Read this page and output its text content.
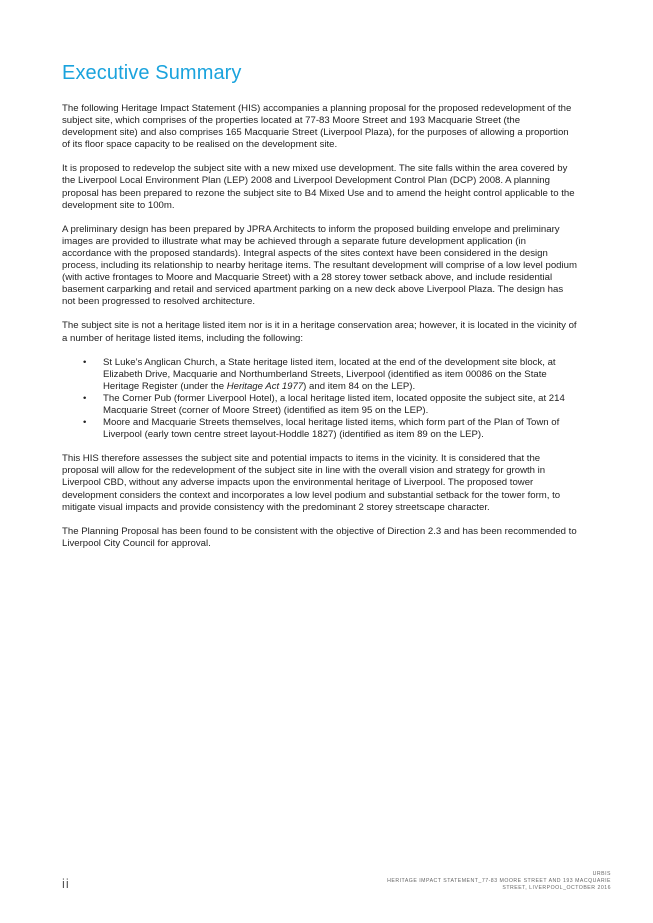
Executive Summary

The following Heritage Impact Statement (HIS) accompanies a planning proposal for the proposed redevelopment of the subject site, which comprises of the properties located at 77-83 Moore Street and 193 Macquarie Street (the development site) and also comprises 165 Macquarie Street (Liverpool Plaza), for the purposes of allowing a proportion of its floor space capacity to be realised on the development site.

It is proposed to redevelop the subject site with a new mixed use development. The site falls within the area covered by the Liverpool Local Environment Plan (LEP) 2008 and Liverpool Development Control Plan (DCP) 2008. A planning proposal has been prepared to rezone the subject site to B4 Mixed Use and to amend the height control applicable to the development site to 100m.

A preliminary design has been prepared by JPRA Architects to inform the proposed building envelope and preliminary images are provided to illustrate what may be achieved through a separate future development application (in accordance with the proposed standards). Integral aspects of the sites context have been considered in the design process, including its relationship to nearby heritage items. The resultant development will comprise of a low level podium (with active frontages to Moore and Macquarie Street) with a 28 storey tower setback above, and include residential basement carparking and retail and serviced apartment parking on a new deck above Liverpool Plaza. The design has not been progressed to resolved architecture.

The subject site is not a heritage listed item nor is it in a heritage conservation area; however, it is located in the vicinity of a number of heritage listed items, including the following:

• St Luke’s Anglican Church, a State heritage listed item, located at the end of the development site block, at Elizabeth Drive, Macquarie and Northumberland Streets, Liverpool (identified as item 00086 on the State Heritage Register (under the Heritage Act 1977) and item 84 on the LEP).
• The Corner Pub (former Liverpool Hotel), a local heritage listed item, located opposite the subject site, at 214 Macquarie Street (corner of Moore Street) (identified as item 95 on the LEP).
• Moore and Macquarie Streets themselves, local heritage listed items, which form part of the Plan of Town of Liverpool (early town centre street layout-Hoddle 1827) (identified as item 89 on the LEP).

This HIS therefore assesses the subject site and potential impacts to items in the vicinity. It is considered that the proposal will allow for the redevelopment of the subject site in line with the overall vision and strategy for growth in Liverpool CBD, without any adverse impacts upon the environmental heritage of Liverpool. The proposed tower development considers the context and incorporates a low level podium and substantial setback for the tower form, to mitigate visual impacts and provide consistency with the predominant 2 storey streetscape character.

The Planning Proposal has been found to be consistent with the objective of Direction 2.3 and has been recommended to Liverpool City Council for approval.

ii
URBIS
HERITAGE IMPACT STATEMENT_77-83 MOORE STREET AND 193 MACQUARIE
STREET, LIVERPOOL_OCTOBER 2016
